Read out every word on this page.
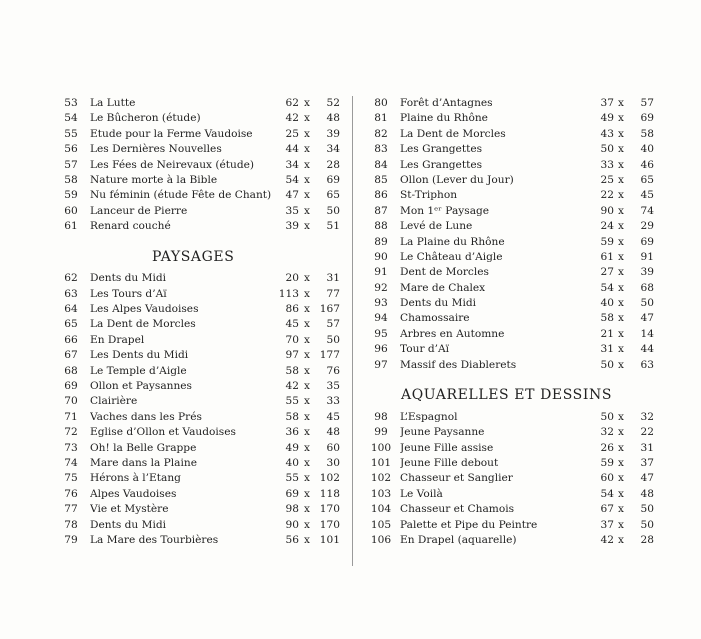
53	La Lutte	62 x	52
54	Le Bûcheron (étude)	42 x	48
55	Etude pour la Ferme Vaudoise	25 x	39
56	Les Dernières Nouvelles	44 x	34
57	Les Fées de Neirevaux (étude)	34 x	28
58	Nature morte à la Bible	54 x	69
59	Nu féminin (étude Fête de Chant)	47 x	65
60	Lanceur de Pierre	35 x	50
61	Renard couché	39 x	51
PAYSAGES
62	Dents du Midi	20 x	31
63	Les Tours d’Aï	113 x	77
64	Les Alpes Vaudoises	86 x 167
65	La Dent de Morcles	45 x	57
66	En Drapel	70 x	50
67	Les Dents du Midi	97 x 177
68	Le Temple d’Aigle	58 x	76
69	Ollon et Paysannes	42 x	35
70	Clairière	55 x	33
71	Vaches dans les Prés	58 x	45
72	Eglise d’Ollon et Vaudoises	36 x	48
73	Oh! la Belle Grappe	49 x	60
74	Mare dans la Plaine	40 x	30
75	Hérons à l’Etang	55 x 102
76	Alpes Vaudoises	69 x 118
77	Vie et Mystère	98 x 170
78	Dents du Midi	90 x 170
79	La Mare des Tourbières	56 x 101
80	Forêt d’Antagnes	37 x	57
81	Plaine du Rhône	49 x	69
82	La Dent de Morcles	43 x	58
83	Les Grangettes	50 x	40
84	Les Grangettes	33 x	46
85	Ollon (Lever du Jour)	25 x	65
86	St-Triphon	22 x	45
87	Mon 1ᵉʳ Paysage	90 x	74
88	Levé de Lune	24 x	29
89	La Plaine du Rhône	59 x	69
90	Le Château d’Aigle	61 x	91
91	Dent de Morcles	27 x	39
92	Mare de Chalex	54 x	68
93	Dents du Midi	40 x	50
94	Chamossaire	58 x	47
95	Arbres en Automne	21 x	14
96	Tour d’Aï	31 x	44
97	Massif des Diablerets	50 x	63
AQUARELLES ET DESSINS
98	L’Espagnol	50 x	32
99	Jeune Paysanne	32 x	22
100 Jeune Fille assise	26 x	31
101 Jeune Fille debout	59 x	37
102 Chasseur et Sanglier	60 x	47
103 Le Voilà	54 x	48
104 Chasseur et Chamois	67 x	50
105 Palette et Pipe du Peintre	37 x	50
106 En Drapel (aquarelle)	42 x	28
